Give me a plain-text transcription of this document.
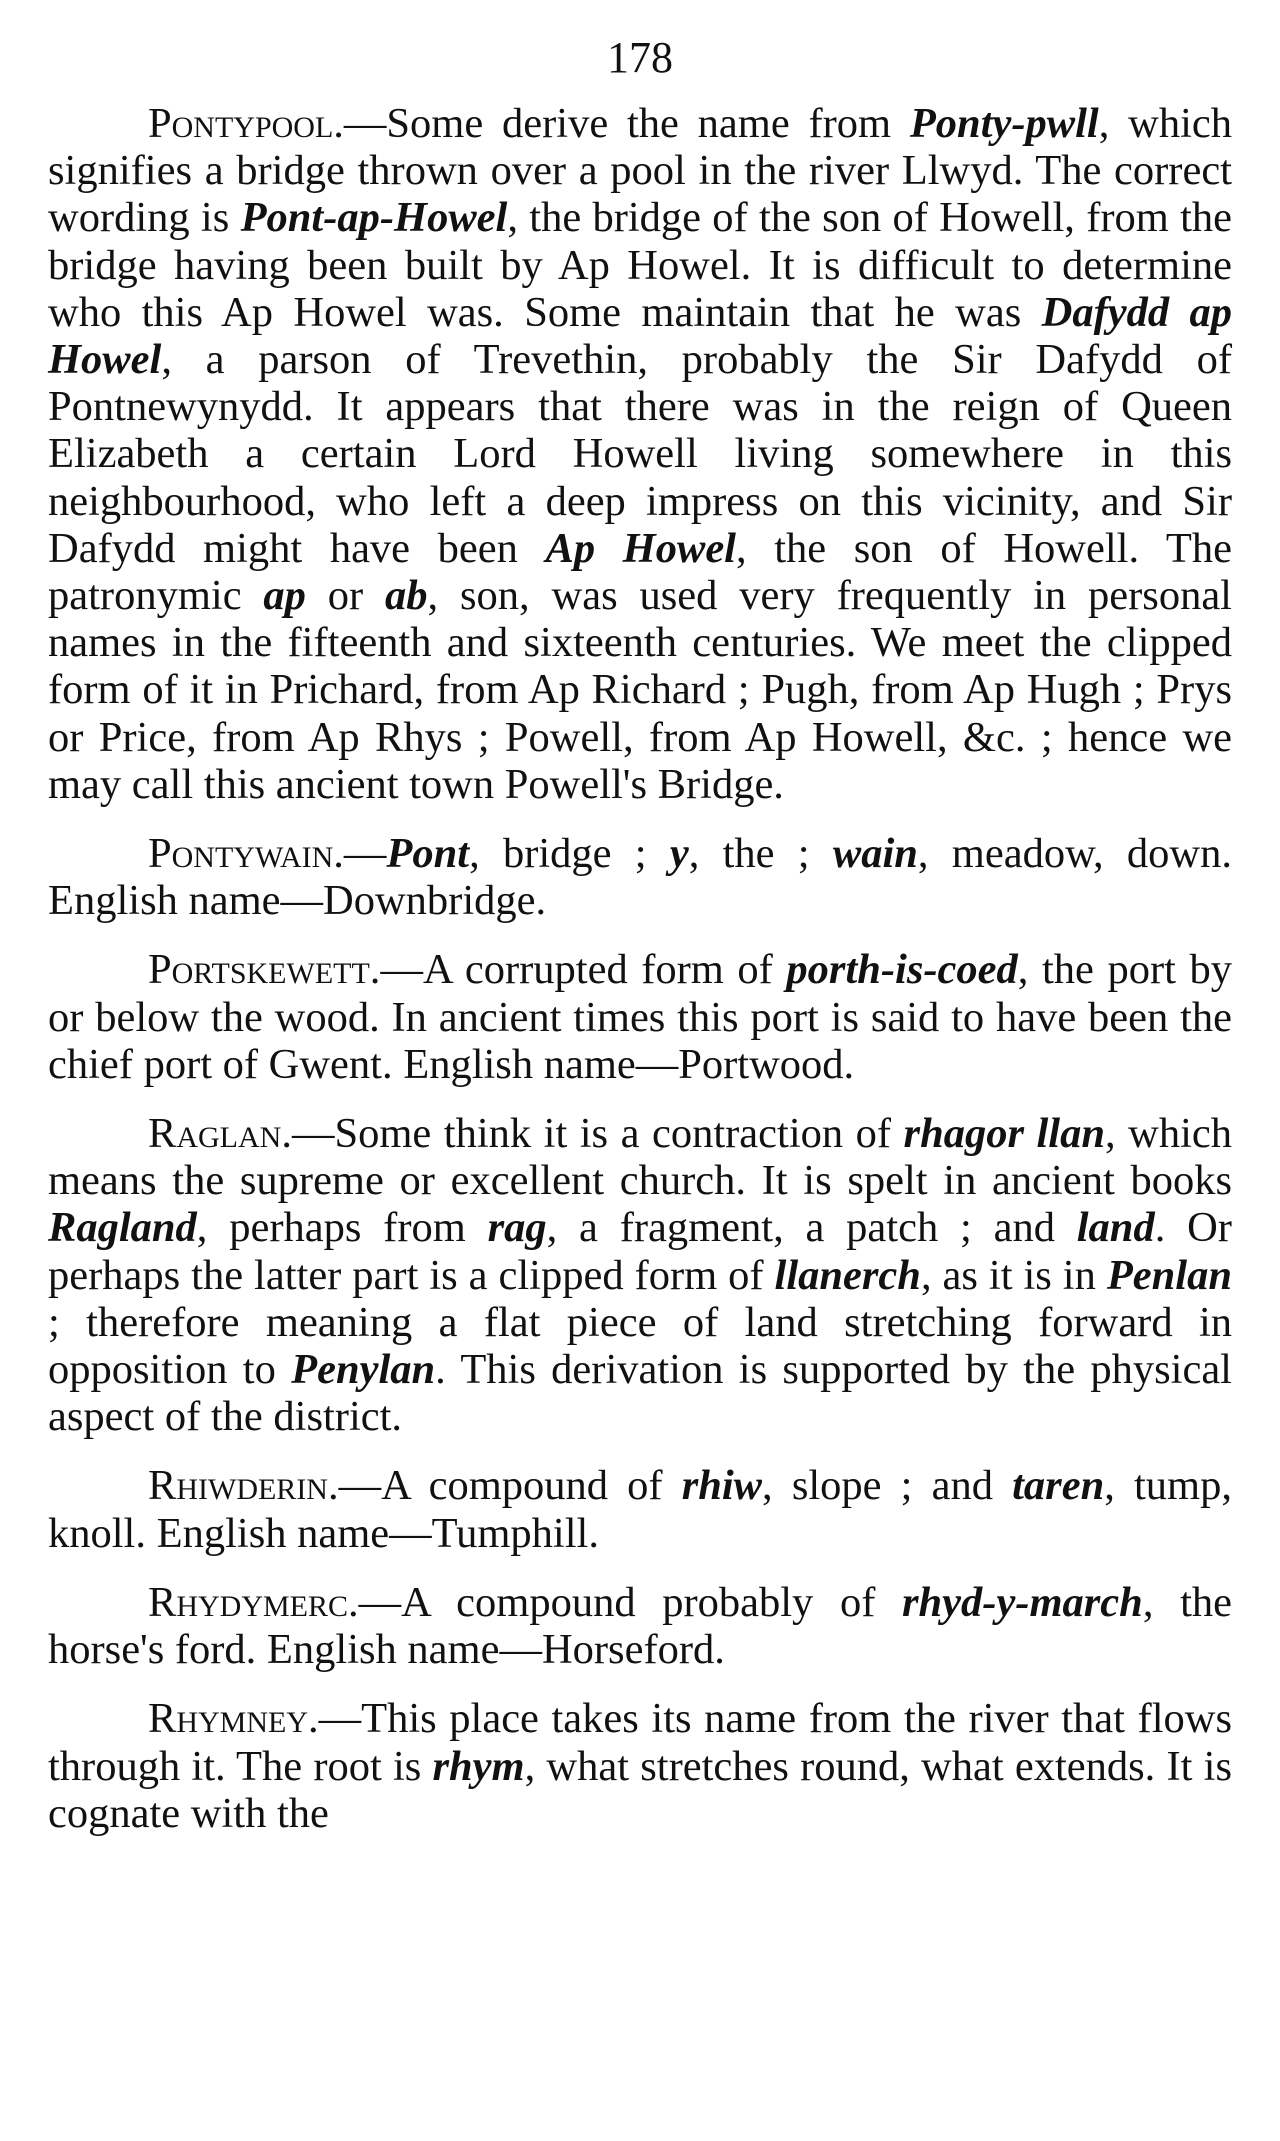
178

Pontypool.—Some derive the name from Ponty-pwll, which signifies a bridge thrown over a pool in the river Llwyd. The correct wording is Pont-ap-Howel, the bridge of the son of Howell, from the bridge having been built by Ap Howel. It is difficult to determine who this Ap Howel was. Some maintain that he was Dafydd ap Howel, a parson of Trevethin, probably the Sir Dafydd of Pontnewynydd. It appears that there was in the reign of Queen Elizabeth a certain Lord Howell living somewhere in this neighbourhood, who left a deep impress on this vicinity, and Sir Dafydd might have been Ap Howel, the son of Howell. The patronymic ap or ab, son, was used very frequently in personal names in the fifteenth and sixteenth centuries. We meet the clipped form of it in Prichard, from Ap Richard ; Pugh, from Ap Hugh ; Prys or Price, from Ap Rhys ; Powell, from Ap Howell, &c. ; hence we may call this ancient town Powell's Bridge.

Pontywain.—Pont, bridge ; y, the ; wain, meadow, down. English name—Downbridge.

Portskewett.—A corrupted form of porth-is-coed, the port by or below the wood. In ancient times this port is said to have been the chief port of Gwent. English name—Portwood.

Raglan.—Some think it is a contraction of rhagor llan, which means the supreme or excellent church. It is spelt in ancient books Ragland, perhaps from rag, a fragment, a patch ; and land. Or perhaps the latter part is a clipped form of llanerch, as it is in Penlan ; therefore meaning a flat piece of land stretching forward in opposition to Penylan. This derivation is supported by the physical aspect of the district.

Rhiwderin.—A compound of rhiw, slope ; and taren, tump, knoll. English name—Tumphill.

Rhydymerc.—A compound probably of rhyd-y-march, the horse's ford. English name—Horseford.

Rhymney.—This place takes its name from the river that flows through it. The root is rhym, what stretches round, what extends. It is cognate with the
